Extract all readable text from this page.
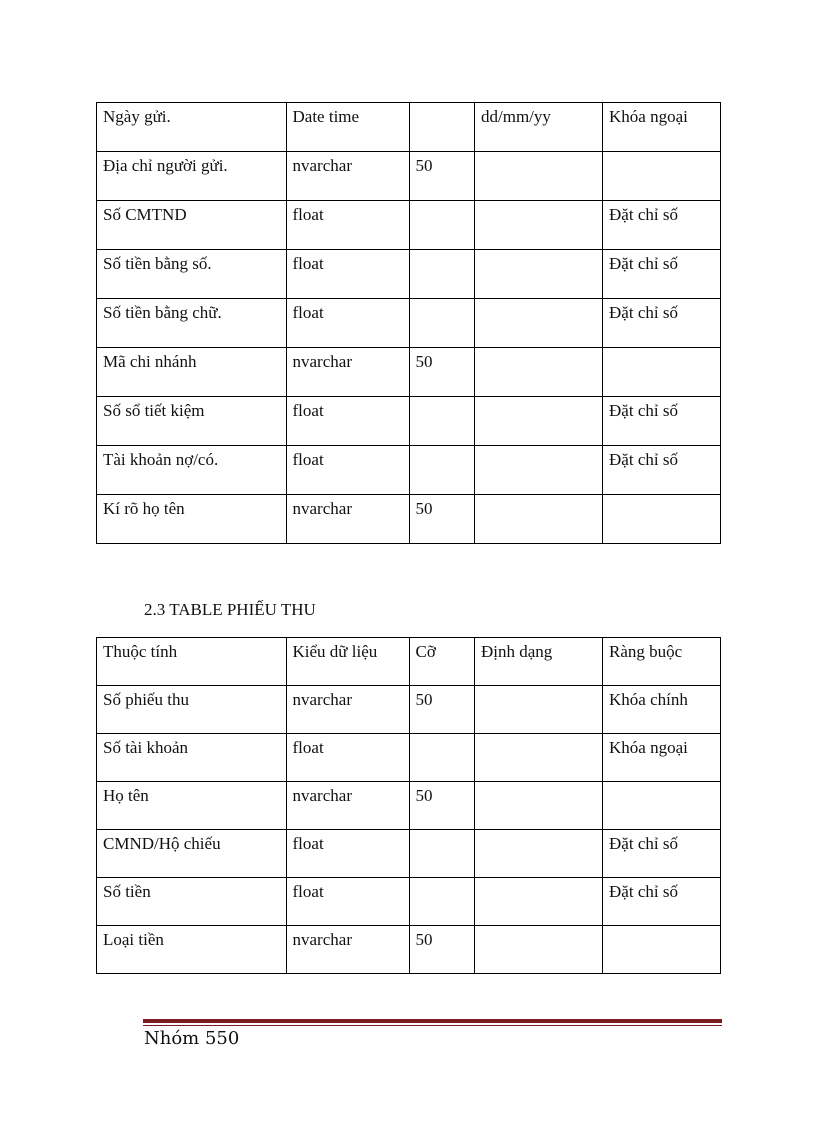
Ngày gửi.	Date time		dd/mm/yy	Khóa ngoại
Địa chỉ người gửi.	nvarchar	50		
Số CMTND	float			Đặt chỉ số
Số tiền bằng số.	float			Đặt chỉ số
Số tiền bằng chữ.	float			Đặt chỉ số
Mã chi nhánh	nvarchar	50		
Số sổ tiết kiệm	float			Đặt chỉ số
Tài khoản nợ/có.	float			Đặt chỉ số
Kí rõ họ tên	nvarchar	50		
2.3 TABLE PHIẾU THU
Thuộc tính	Kiểu dữ liệu	Cỡ	Định dạng	Ràng buộc
Số phiếu thu	nvarchar	50		Khóa chính
Số tài khoản	float			Khóa ngoại
Họ tên	nvarchar	50		
CMND/Hộ chiếu	float			Đặt chỉ số
Số tiền	float			Đặt chỉ số
Loại tiền	nvarchar	50		

Nhóm 550
